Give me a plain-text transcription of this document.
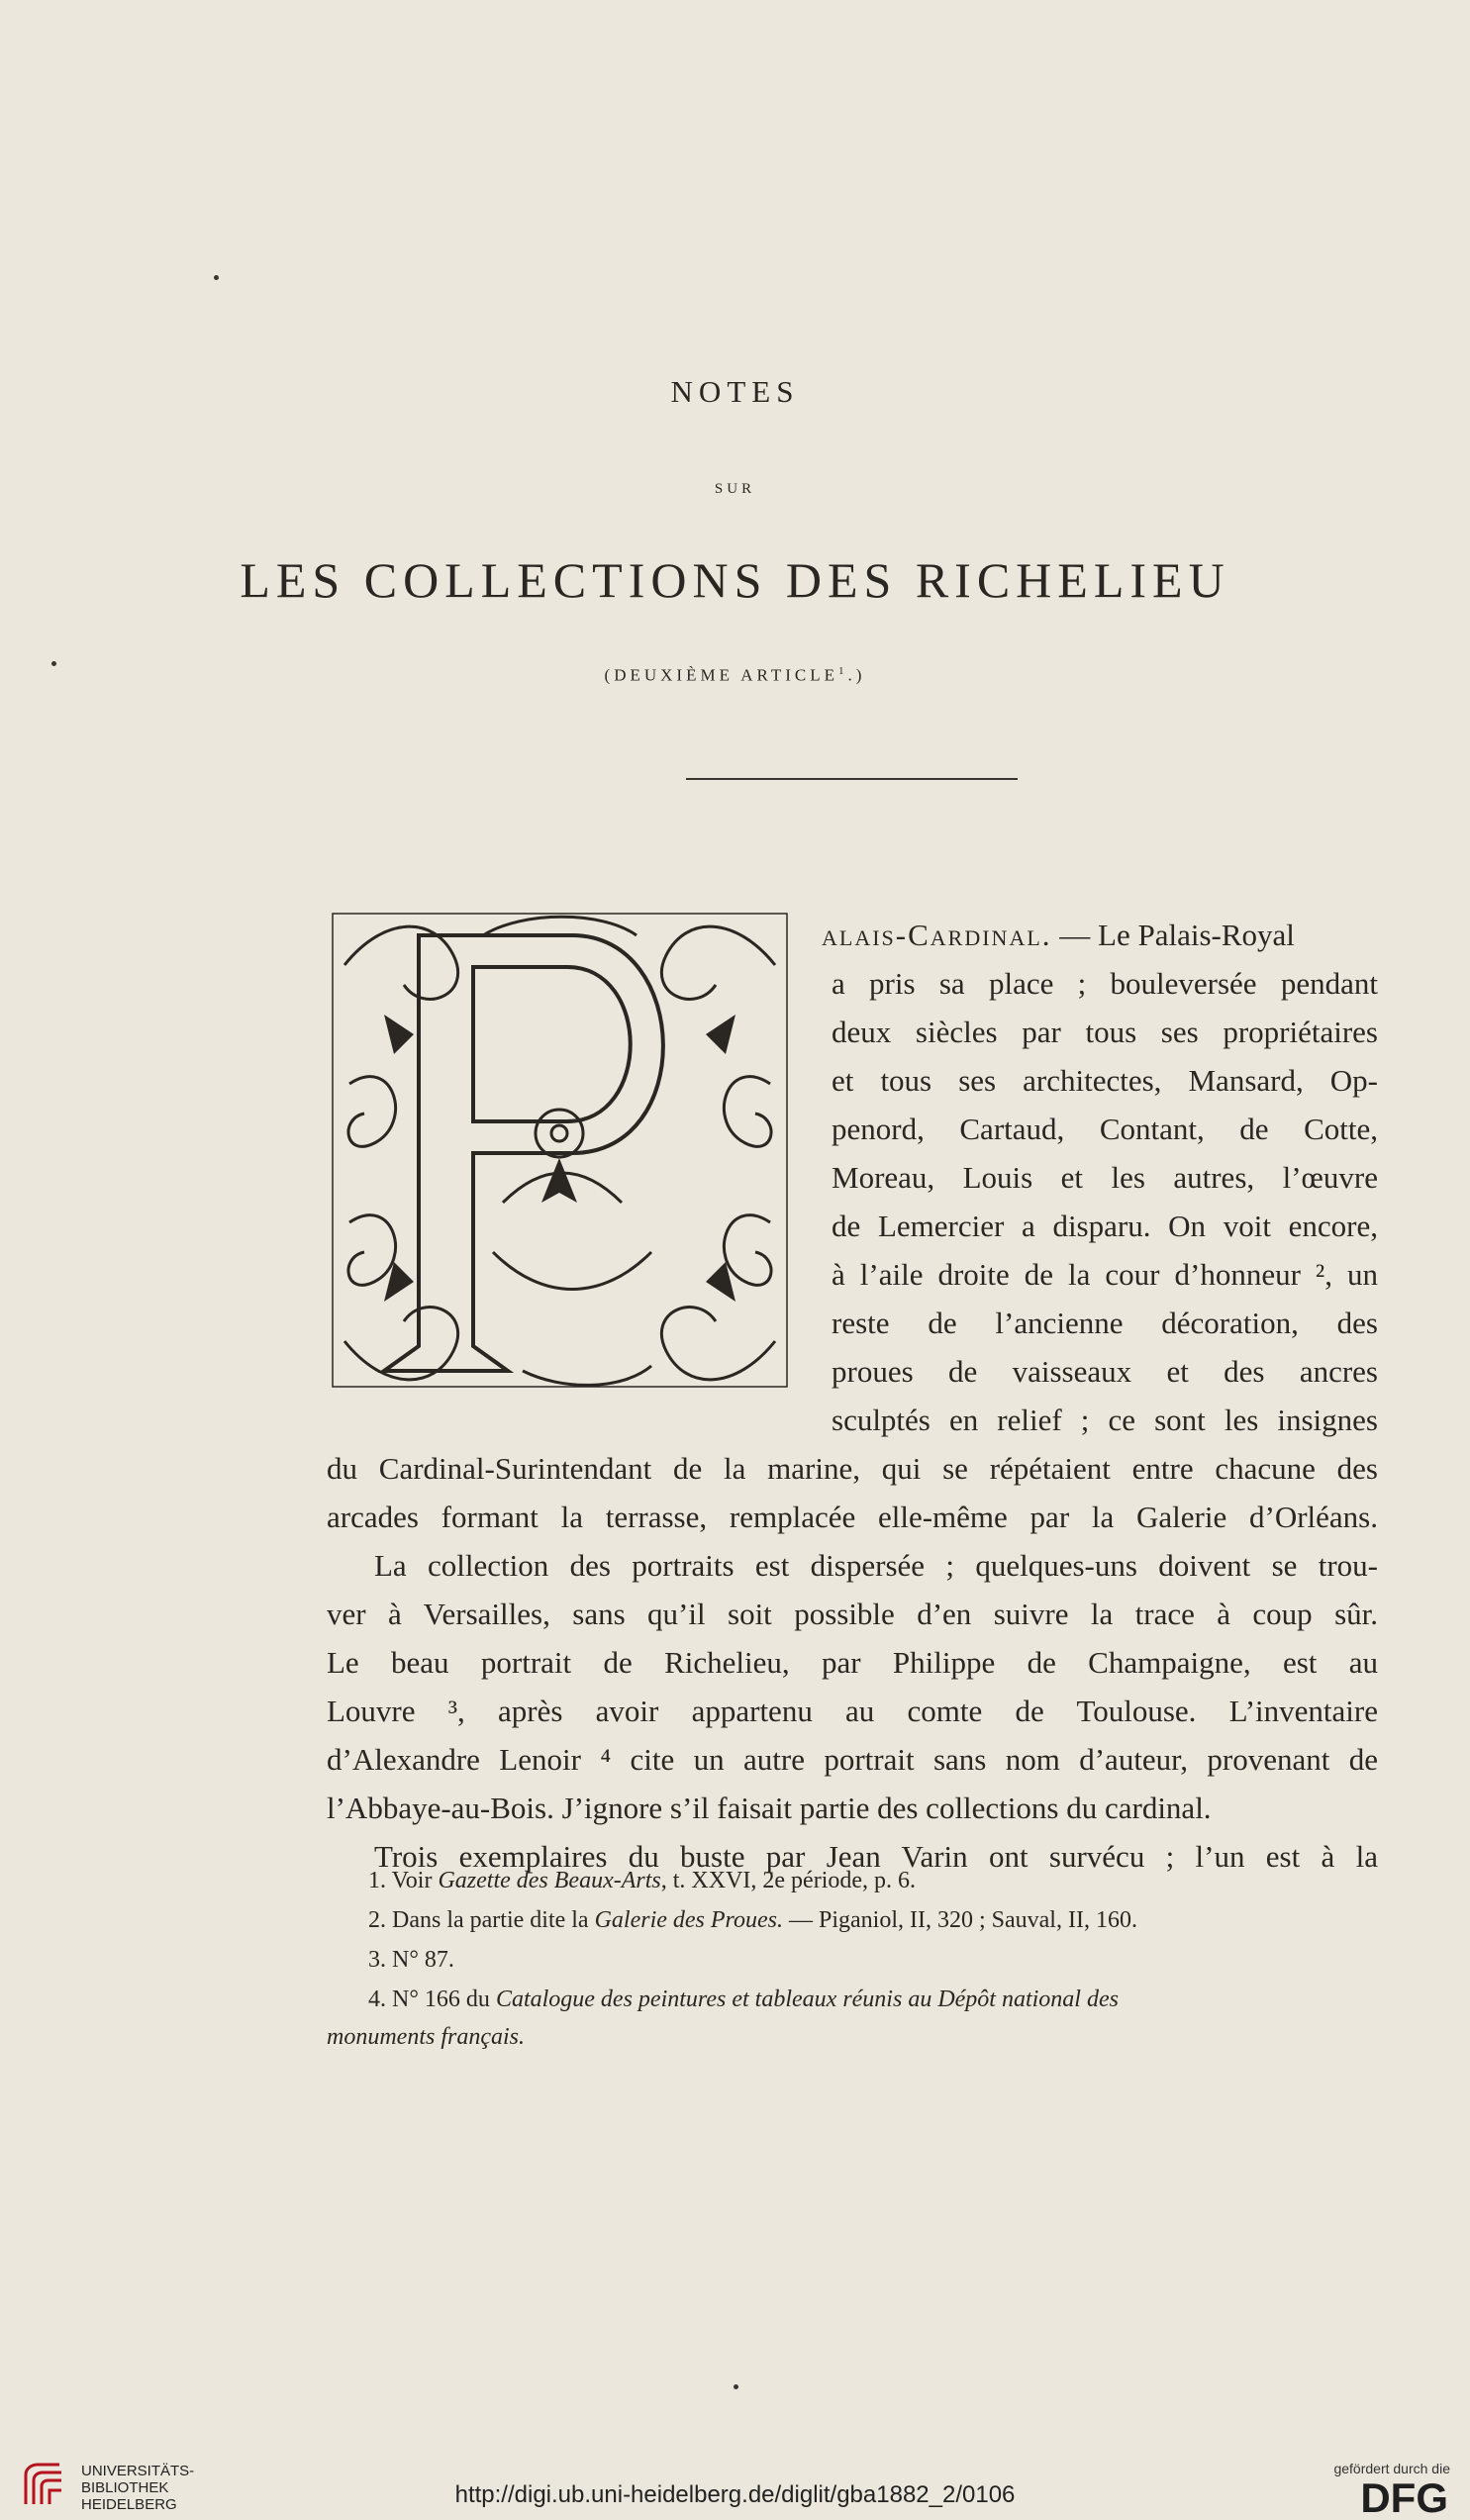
NOTES
SUR
LES COLLECTIONS DES RICHELIEU
(DEUXIÈME ARTICLE$^1$.)
alais-Cardinal. — Le Palais-Royal
a pris sa place ; bouleversée pendant
deux siècles par tous ses propriétaires
et tous ses architectes, Mansard, Op-
penord, Cartaud, Contant, de Cotte,
Moreau, Louis et les autres, l’œuvre
de Lemercier a disparu. On voit encore,
à l’aile droite de la cour d’honneur ², un
reste de l’ancienne décoration, des
proues de vaisseaux et des ancres
sculptés en relief ; ce sont les insignes
du Cardinal-Surintendant de la marine, qui se répétaient entre chacune des
arcades formant la terrasse, remplacée elle-même par la Galerie d’Orléans.
La collection des portraits est dispersée ; quelques-uns doivent se trou-
ver à Versailles, sans qu’il soit possible d’en suivre la trace à coup sûr.
Le beau portrait de Richelieu, par Philippe de Champaigne, est au
Louvre ³, après avoir appartenu au comte de Toulouse. L’inventaire
d’Alexandre Lenoir ⁴ cite un autre portrait sans nom d’auteur, provenant de
l’Abbaye-au-Bois. J’ignore s’il faisait partie des collections du cardinal.
Trois exemplaires du buste par Jean Varin ont survécu ; l’un est à la
1. Voir Gazette des Beaux-Arts, t. XXVI, 2e période, p. 6.
2. Dans la partie dite la Galerie des Proues. — Piganiol, II, 320 ; Sauval, II, 160.
3. N° 87.
4. N° 166 du Catalogue des peintures et tableaux réunis au Dépôt national des
monuments français.
UNIVERSITÄTS-
BIBLIOTHEK
HEIDELBERG	http://digi.ub.uni-heidelberg.de/diglit/gba1882_2/0106
gefördert durch die
DFG
